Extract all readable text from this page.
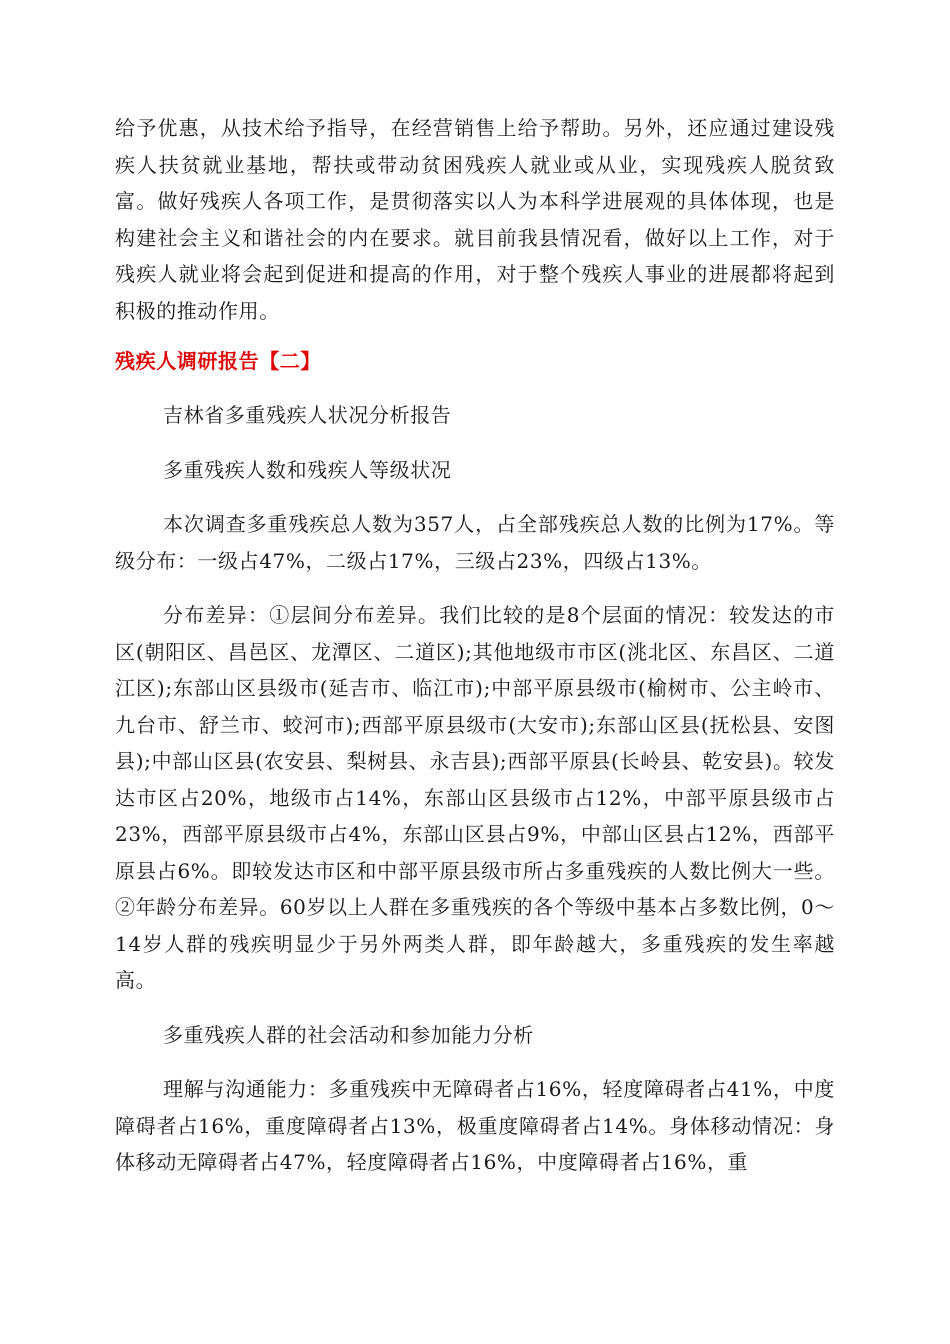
给予优惠，从技术给予指导，在经营销售上给予帮助。另外，还应通过建设残疾人扶贫就业基地，帮扶或带动贫困残疾人就业或从业，实现残疾人脱贫致富。做好残疾人各项工作，是贯彻落实以人为本科学进展观的具体体现，也是构建社会主义和谐社会的内在要求。就目前我县情况看，做好以上工作，对于残疾人就业将会起到促进和提高的作用，对于整个残疾人事业的进展都将起到积极的推动作用。

残疾人调研报告【二】

吉林省多重残疾人状况分析报告

多重残疾人数和残疾人等级状况

本次调查多重残疾总人数为357人，占全部残疾总人数的比例为17%。等级分布：一级占47%，二级占17%，三级占23%，四级占13%。

分布差异：①层间分布差异。我们比较的是8个层面的情况：较发达的市区(朝阳区、昌邑区、龙潭区、二道区);其他地级市市区(洮北区、东昌区、二道江区);东部山区县级市(延吉市、临江市);中部平原县级市(榆树市、公主岭市、九台市、舒兰市、蛟河市);西部平原县级市(大安市);东部山区县(抚松县、安图县);中部山区县(农安县、梨树县、永吉县);西部平原县(长岭县、乾安县)。较发达市区占20%，地级市占14%，东部山区县级市占12%，中部平原县级市占23%，西部平原县级市占4%，东部山区县占9%，中部山区县占12%，西部平原县占6%。即较发达市区和中部平原县级市所占多重残疾的人数比例大一些。②年龄分布差异。60岁以上人群在多重残疾的各个等级中基本占多数比例，0～14岁人群的残疾明显少于另外两类人群，即年龄越大，多重残疾的发生率越高。

多重残疾人群的社会活动和参加能力分析

理解与沟通能力：多重残疾中无障碍者占16%，轻度障碍者占41%，中度障碍者占16%，重度障碍者占13%，极重度障碍者占14%。身体移动情况：身体移动无障碍者占47%，轻度障碍者占16%，中度障碍者占16%，重
